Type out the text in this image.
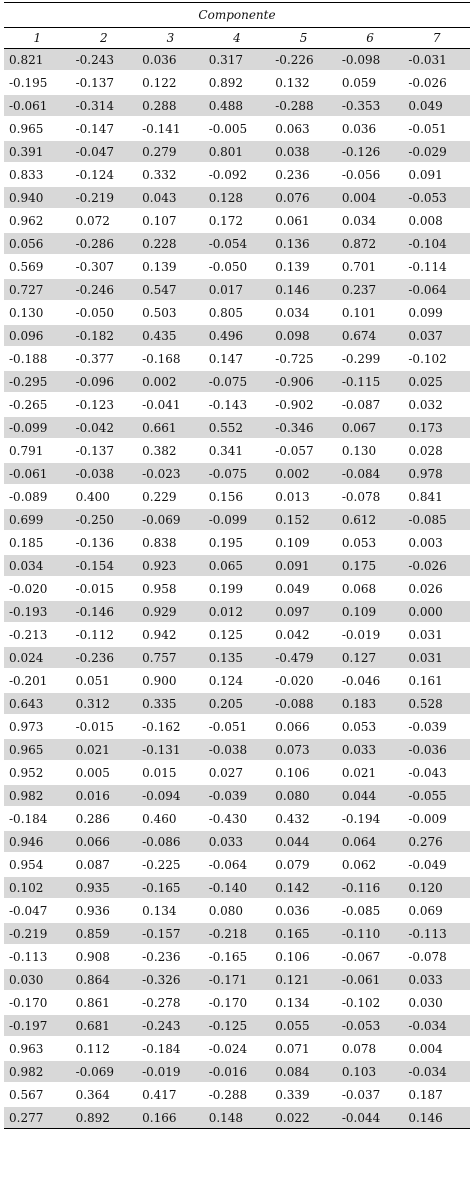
Componente						
1	2	3	4	5	6	7
0.821	-0.243	0.036	0.317	-0.226	-0.098	-0.031
-0.195	-0.137	0.122	0.892	0.132	0.059	-0.026
-0.061	-0.314	0.288	0.488	-0.288	-0.353	0.049
0.965	-0.147	-0.141	-0.005	0.063	0.036	-0.051
0.391	-0.047	0.279	0.801	0.038	-0.126	-0.029
0.833	-0.124	0.332	-0.092	0.236	-0.056	0.091
0.940	-0.219	0.043	0.128	0.076	0.004	-0.053
0.962	0.072	0.107	0.172	0.061	0.034	0.008
0.056	-0.286	0.228	-0.054	0.136	0.872	-0.104
0.569	-0.307	0.139	-0.050	0.139	0.701	-0.114
0.727	-0.246	0.547	0.017	0.146	0.237	-0.064
0.130	-0.050	0.503	0.805	0.034	0.101	0.099
0.096	-0.182	0.435	0.496	0.098	0.674	0.037
-0.188	-0.377	-0.168	0.147	-0.725	-0.299	-0.102
-0.295	-0.096	0.002	-0.075	-0.906	-0.115	0.025
-0.265	-0.123	-0.041	-0.143	-0.902	-0.087	0.032
-0.099	-0.042	0.661	0.552	-0.346	0.067	0.173
0.791	-0.137	0.382	0.341	-0.057	0.130	0.028
-0.061	-0.038	-0.023	-0.075	0.002	-0.084	0.978
-0.089	0.400	0.229	0.156	0.013	-0.078	0.841
0.699	-0.250	-0.069	-0.099	0.152	0.612	-0.085
0.185	-0.136	0.838	0.195	0.109	0.053	0.003
0.034	-0.154	0.923	0.065	0.091	0.175	-0.026
-0.020	-0.015	0.958	0.199	0.049	0.068	0.026
-0.193	-0.146	0.929	0.012	0.097	0.109	0.000
-0.213	-0.112	0.942	0.125	0.042	-0.019	0.031
0.024	-0.236	0.757	0.135	-0.479	0.127	0.031
-0.201	0.051	0.900	0.124	-0.020	-0.046	0.161
0.643	0.312	0.335	0.205	-0.088	0.183	0.528
0.973	-0.015	-0.162	-0.051	0.066	0.053	-0.039
0.965	0.021	-0.131	-0.038	0.073	0.033	-0.036
0.952	0.005	0.015	0.027	0.106	0.021	-0.043
0.982	0.016	-0.094	-0.039	0.080	0.044	-0.055
-0.184	0.286	0.460	-0.430	0.432	-0.194	-0.009
0.946	0.066	-0.086	0.033	0.044	0.064	0.276
0.954	0.087	-0.225	-0.064	0.079	0.062	-0.049
0.102	0.935	-0.165	-0.140	0.142	-0.116	0.120
-0.047	0.936	0.134	0.080	0.036	-0.085	0.069
-0.219	0.859	-0.157	-0.218	0.165	-0.110	-0.113
-0.113	0.908	-0.236	-0.165	0.106	-0.067	-0.078
0.030	0.864	-0.326	-0.171	0.121	-0.061	0.033
-0.170	0.861	-0.278	-0.170	0.134	-0.102	0.030
-0.197	0.681	-0.243	-0.125	0.055	-0.053	-0.034
0.963	0.112	-0.184	-0.024	0.071	0.078	0.004
0.982	-0.069	-0.019	-0.016	0.084	0.103	-0.034
0.567	0.364	0.417	-0.288	0.339	-0.037	0.187
0.277	0.892	0.166	0.148	0.022	-0.044	0.146
